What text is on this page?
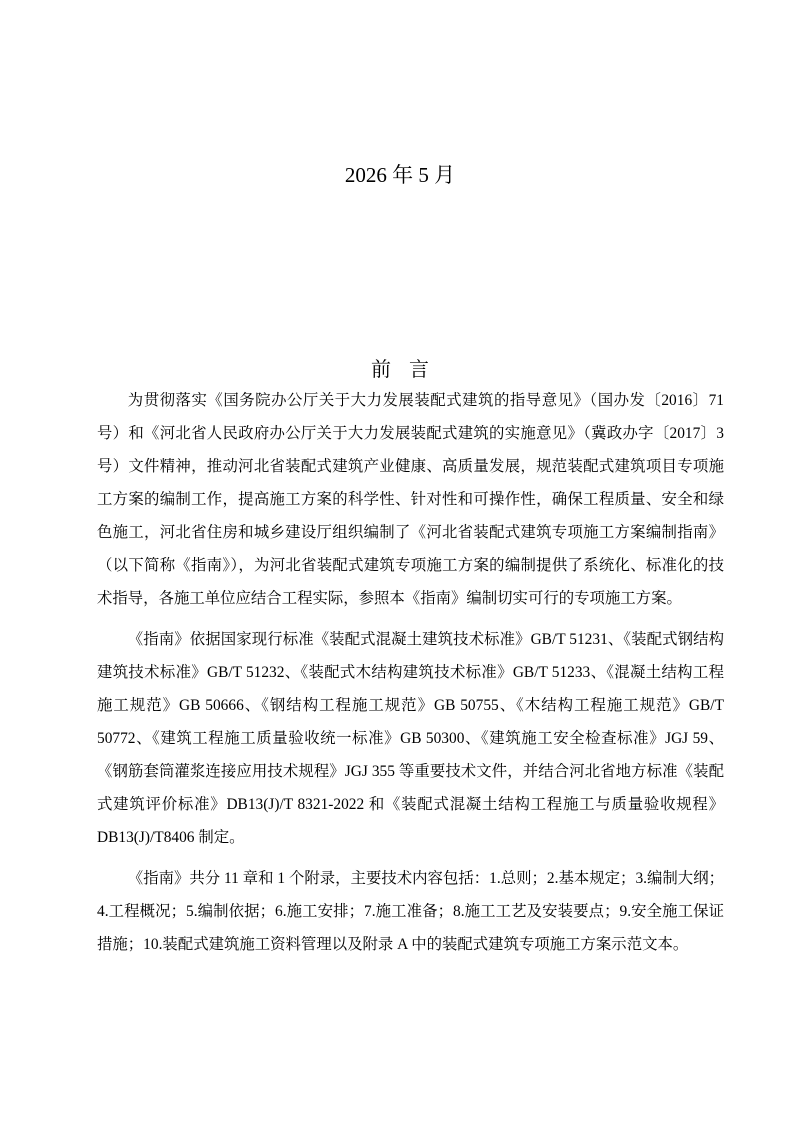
2026 年 5 月
前言

为贯彻落实《国务院办公厅关于大力发展装配式建筑的指导意见》（国办发〔2016〕71 号）和《河北省人民政府办公厅关于大力发展装配式建筑的实施意见》（冀政办字〔2017〕3 号）文件精神，推动河北省装配式建筑产业健康、高质量发展，规范装配式建筑项目专项施工方案的编制工作，提高施工方案的科学性、针对性和可操作性，确保工程质量、安全和绿色施工，河北省住房和城乡建设厅组织编制了《河北省装配式建筑专项施工方案编制指南》（以下简称《指南》），为河北省装配式建筑专项施工方案的编制提供了系统化、标准化的技术指导，各施工单位应结合工程实际，参照本《指南》编制切实可行的专项施工方案。

《指南》依据国家现行标准《装配式混凝土建筑技术标准》GB/T 51231、《装配式钢结构建筑技术标准》GB/T 51232、《装配式木结构建筑技术标准》GB/T 51233、《混凝土结构工程施工规范》GB 50666、《钢结构工程施工规范》GB 50755、《木结构工程施工规范》GB/T 50772、《建筑工程施工质量验收统一标准》GB 50300、《建筑施工安全检查标准》JGJ 59、《钢筋套筒灌浆连接应用技术规程》JGJ 355 等重要技术文件，并结合河北省地方标准《装配式建筑评价标准》DB13(J)/T 8321-2022 和《装配式混凝土结构工程施工与质量验收规程》DB13(J)/T8406 制定。

《指南》共分 11 章和 1 个附录，主要技术内容包括：1.总则；2.基本规定；3.编制大纲；4.工程概况；5.编制依据；6.施工安排；7.施工准备；8.施工工艺及安装要点；9.安全施工保证措施；10.装配式建筑施工资料管理以及附录 A 中的装配式建筑专项施工方案示范文本。
